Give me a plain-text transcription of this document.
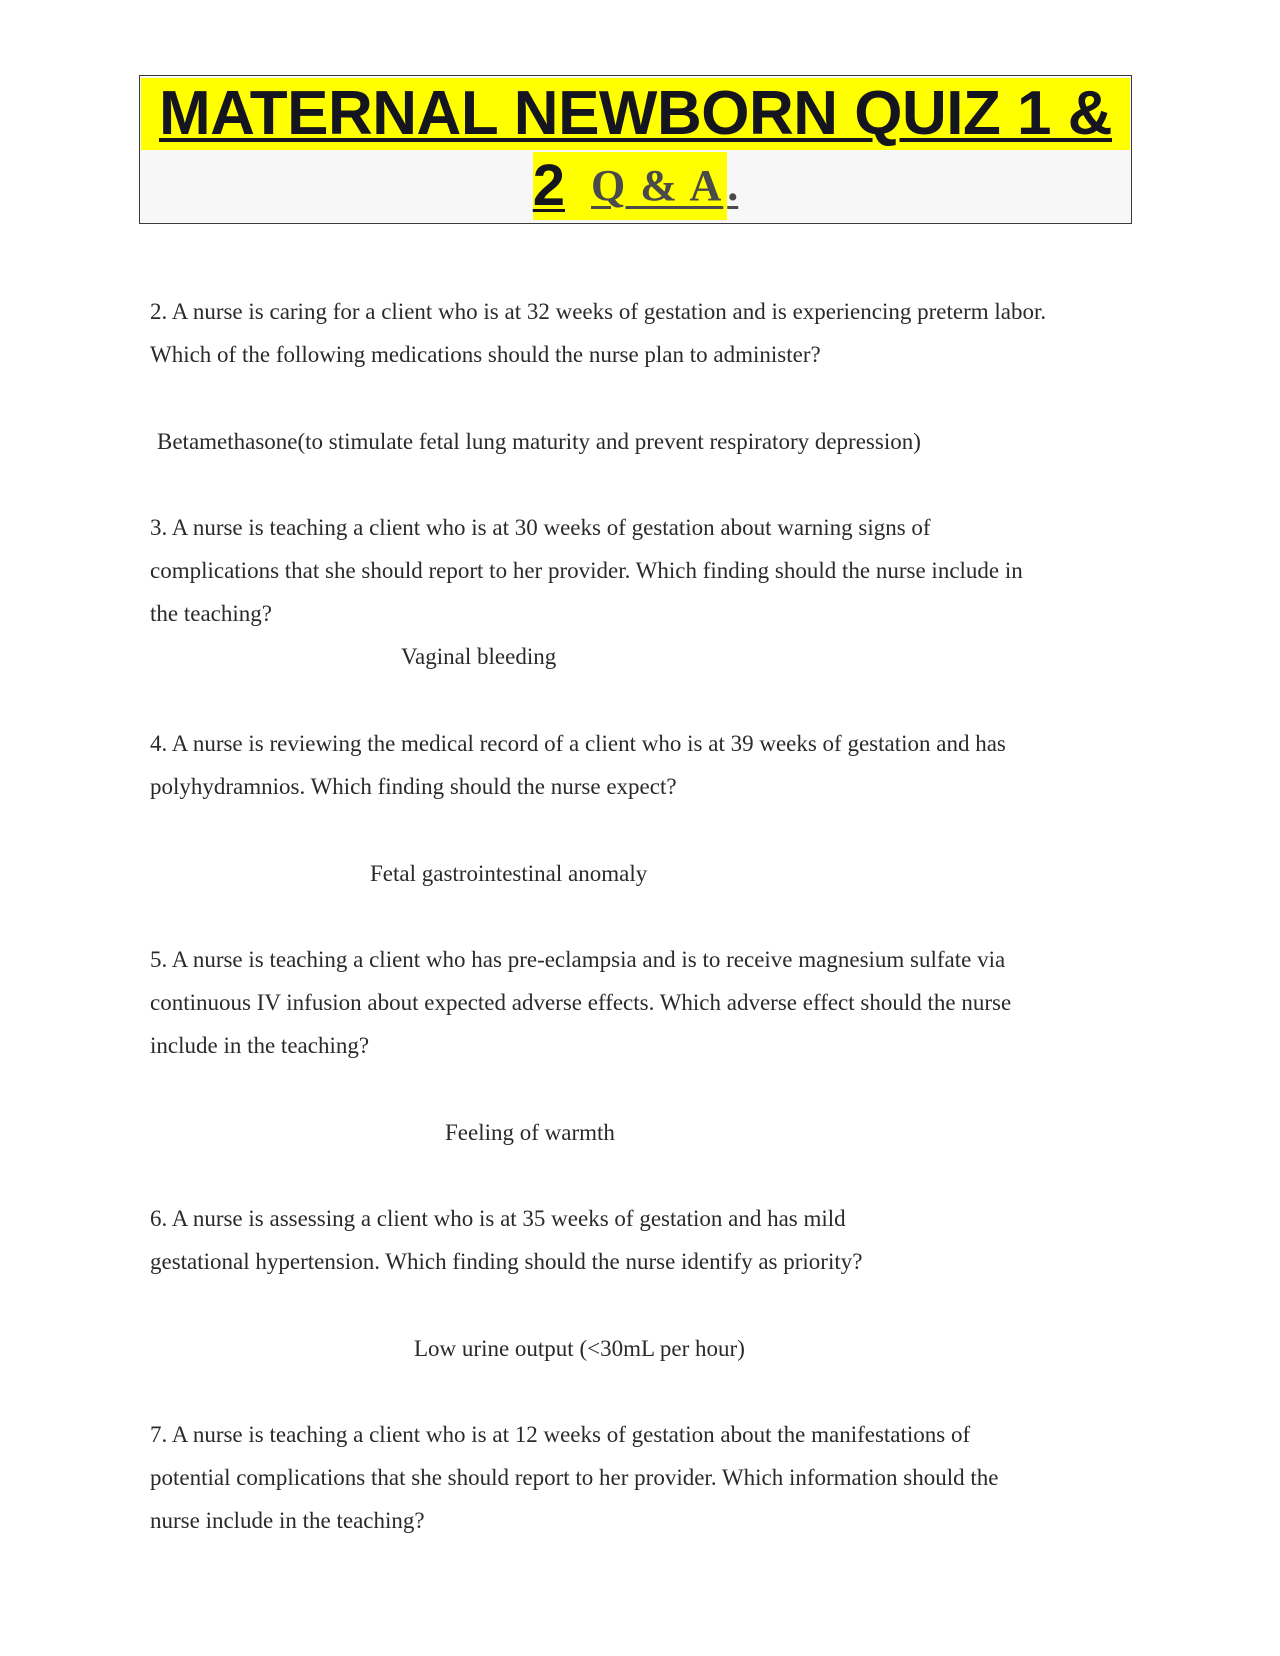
MATERNAL NEWBORN QUIZ 1 &
2 Q & A.
2. A nurse is caring for a client who is at 32 weeks of gestation and is experiencing preterm labor.
Which of the following medications should the nurse plan to administer?
Betamethasone(to stimulate fetal lung maturity and prevent respiratory depression)
3. A nurse is teaching a client who is at 30 weeks of gestation about warning signs of
complications that she should report to her provider. Which finding should the nurse include in
the teaching?
Vaginal bleeding
4. A nurse is reviewing the medical record of a client who is at 39 weeks of gestation and has
polyhydramnios. Which finding should the nurse expect?
Fetal gastrointestinal anomaly
5. A nurse is teaching a client who has pre-eclampsia and is to receive magnesium sulfate via
continuous IV infusion about expected adverse effects. Which adverse effect should the nurse
include in the teaching?
Feeling of warmth
6. A nurse is assessing a client who is at 35 weeks of gestation and has mild
gestational hypertension. Which finding should the nurse identify as priority?
Low urine output (<30mL per hour)
7. A nurse is teaching a client who is at 12 weeks of gestation about the manifestations of
potential complications that she should report to her provider. Which information should the
nurse include in the teaching?
